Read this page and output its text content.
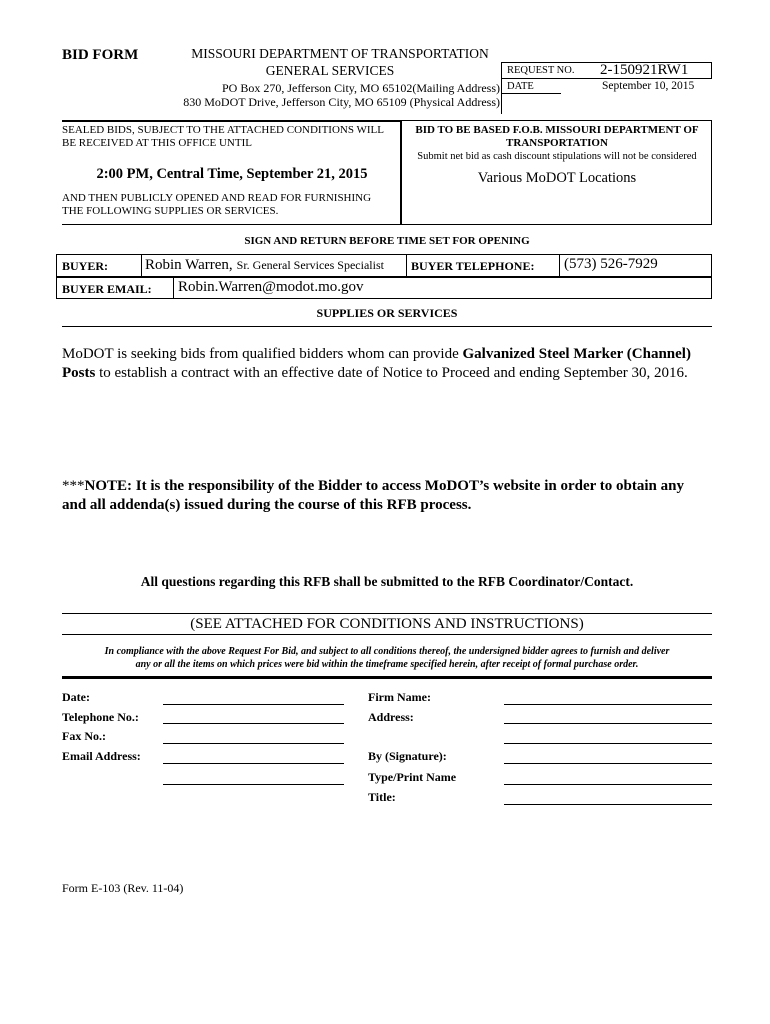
BID FORM	MISSOURI DEPARTMENT OF TRANSPORTATION
GENERAL SERVICES
PO Box 270, Jefferson City, MO 65102(Mailing Address)
830 MoDOT Drive, Jefferson City, MO 65109 (Physical Address)
REQUEST NO. 2-150921RW1
DATE	September 10, 2015
SEALED BIDS, SUBJECT TO THE ATTACHED CONDITIONS WILL
BE RECEIVED AT THIS OFFICE UNTIL
2:00 PM, Central Time, September 21, 2015
AND THEN PUBLICLY OPENED AND READ FOR FURNISHING
THE FOLLOWING SUPPLIES OR SERVICES.
BID TO BE BASED F.O.B. MISSOURI DEPARTMENT OF
TRANSPORTATION
Submit net bid as cash discount stipulations will not be considered
Various MoDOT Locations
SIGN AND RETURN BEFORE TIME SET FOR OPENING
BUYER: Robin Warren, Sr. General Services Specialist BUYER TELEPHONE: (573) 526-7929
BUYER EMAIL: Robin.Warren@modot.mo.gov
SUPPLIES OR SERVICES
MoDOT is seeking bids from qualified bidders whom can provide Galvanized Steel Marker (Channel)
Posts to establish a contract with an effective date of Notice to Proceed and ending September 30, 2016.
***NOTE: It is the responsibility of the Bidder to access MoDOT’s website in order to obtain any
and all addenda(s) issued during the course of this RFB process.
All questions regarding this RFB shall be submitted to the RFB Coordinator/Contact.
(SEE ATTACHED FOR CONDITIONS AND INSTRUCTIONS)
In compliance with the above Request For Bid, and subject to all conditions thereof, the undersigned bidder agrees to furnish and deliver
any or all the items on which prices were bid within the timeframe specified herein, after receipt of formal purchase order.
Date:
Telephone No.:
Fax No.:
Email Address:
Firm Name:
Address:
By (Signature):
Type/Print Name
Title:
Form E-103 (Rev. 11-04)
